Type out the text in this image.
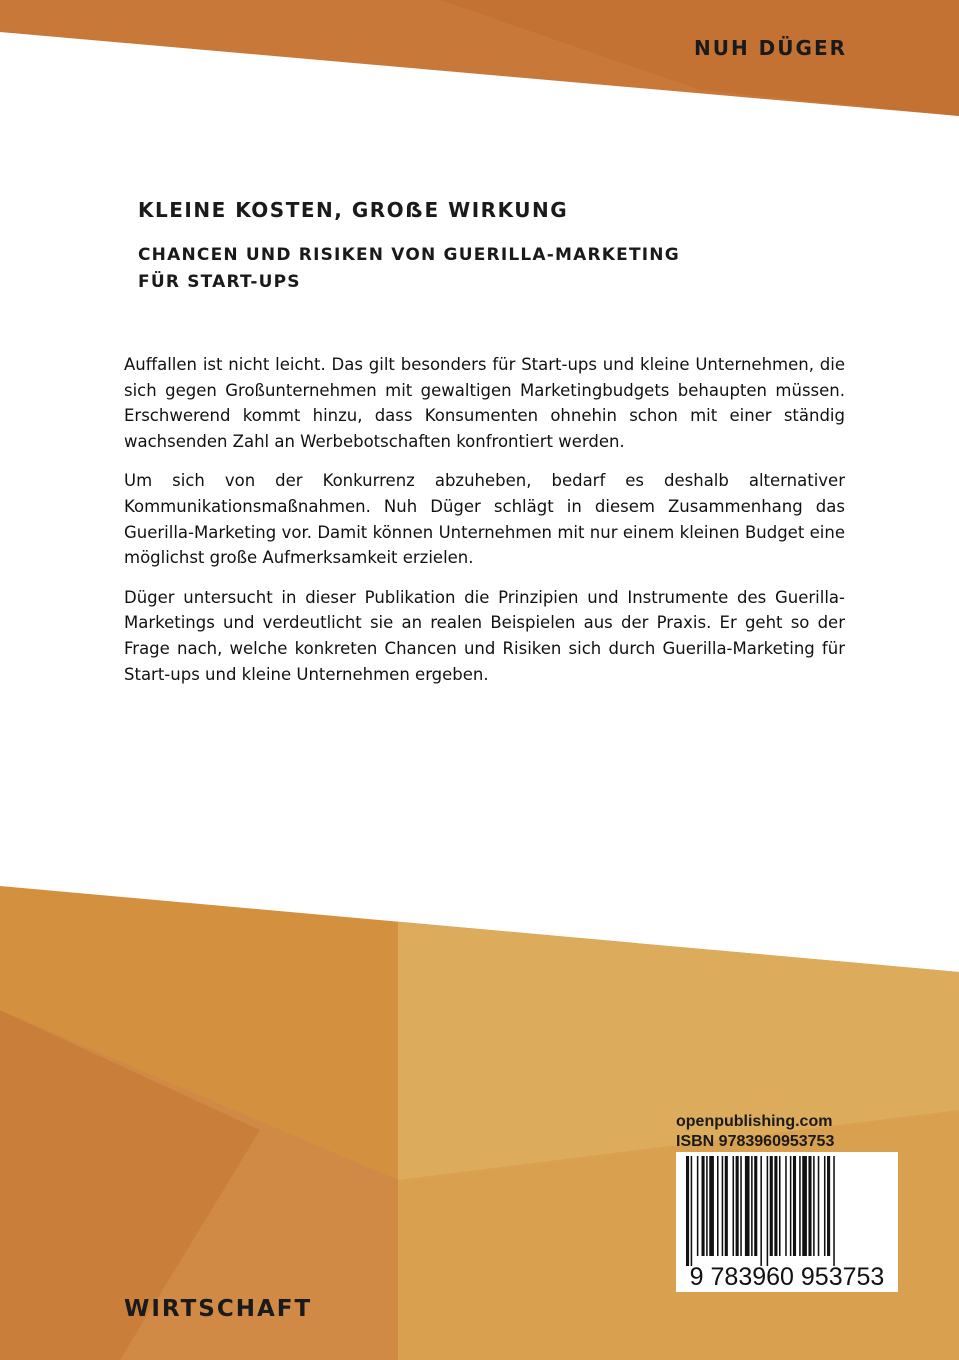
NUH DÜGER
KLEINE KOSTEN, GROẞE WIRKUNG
CHANCEN UND RISIKEN VON GUERILLA-MARKETING
FÜR START-UPS

Auffallen ist nicht leicht. Das gilt besonders für Start-ups und kleine Unternehmen, die sich gegen Großunternehmen mit gewaltigen Marketingbudgets behaupten müssen. Erschwerend kommt hinzu, dass Konsumenten ohnehin schon mit einer ständig wachsenden Zahl an Werbebotschaften konfrontiert werden.

Um sich von der Konkurrenz abzuheben, bedarf es deshalb alternativer Kommunikationsmaßnahmen. Nuh Düger schlägt in diesem Zusammenhang das Guerilla-Marketing vor. Damit können Unternehmen mit nur einem kleinen Budget eine möglichst große Aufmerksamkeit erzielen.

Düger untersucht in dieser Publikation die Prinzipien und Instrumente des Guerilla-Marketings und verdeutlicht sie an realen Beispielen aus der Praxis. Er geht so der Frage nach, welche konkreten Chancen und Risiken sich durch Guerilla-Marketing für Start-ups und kleine Unternehmen ergeben.

openpublishing.com
ISBN 9783960953753
9 783960 953753
WIRTSCHAFT
